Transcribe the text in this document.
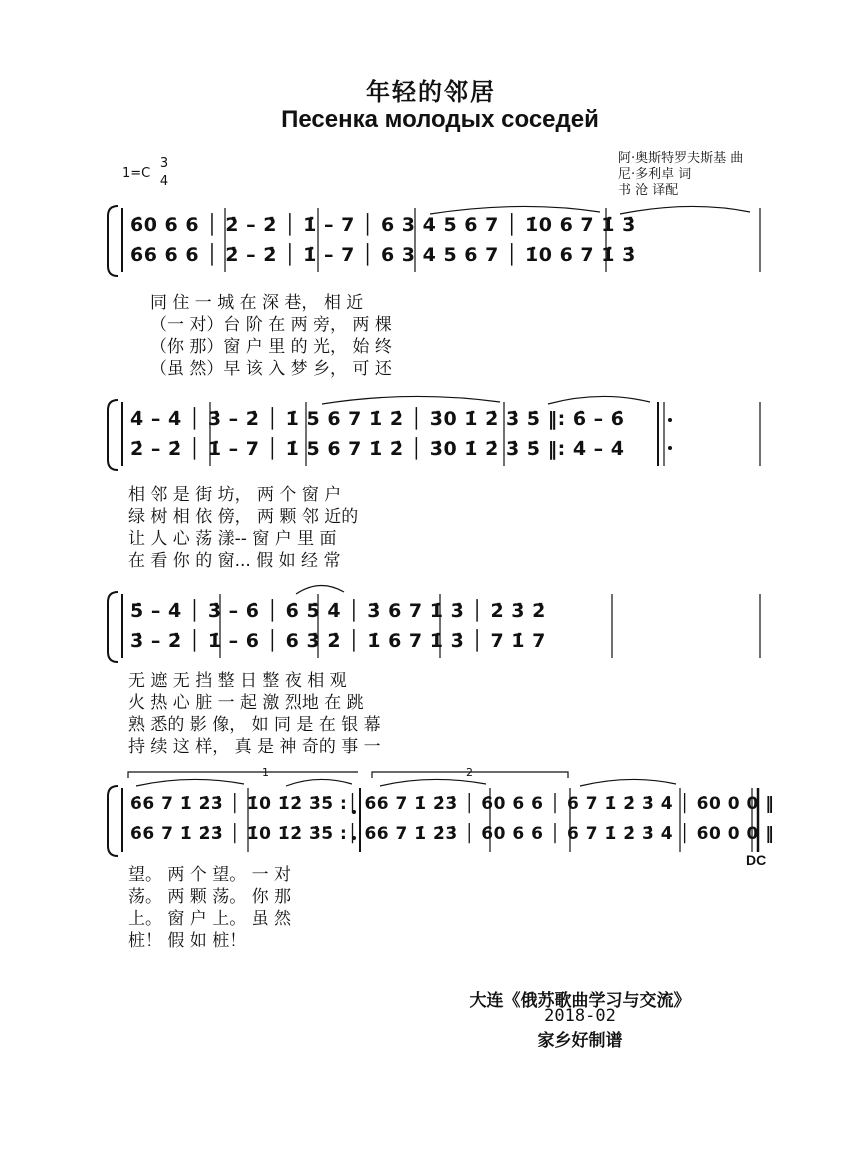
年轻的邻居
Песенка молодых соседей
1=C
3
4
阿·奥斯特罗夫斯基 曲
尼·多利卓 词
书 沧 译配
1	2
6̇0 6 6 │ 2̇ – 2̇ │ 1̇ – 7 │ 6 3 4 5 6 7 │ 1̇0 6 7 1̇ 3̇
6̇6 6 6 │ 2̇ – 2̇ │ 1̇ – 7 │ 6 3 4 5 6 7 │ 1̇0 6 7 1̇ 3̇
同 住 一 城 在 深 巷， 相 近
（一 对）台 阶 在 两 旁， 两 棵
（你 那）窗 户 里 的 光， 始 终
（虽 然）早 该 入 梦 乡， 可 还
4̇ – 4̇ │ 3̇ – 2̇ │ 1̇ 5 6 7 1̇ 2̇ │ 3̇0 1̇ 2̇ 3̇ 5̇ ‖: 6̇ – 6̇
2̇ – 2̇ │ 1̇ – 7 │ 1̇ 5 6 7 1̇ 2̇ │ 3̇0 1̇ 2̇ 3̇ 5̇ ‖: 4̇ – 4̇
相 邻 是 街 坊， 两 个 窗 户
绿 树 相 依 傍， 两 颗 邻 近的
让 人 心 荡 漾-- 窗 户 里 面
在 看 你 的 窗... 假 如 经 常
5̇ – 4̇ │ 3̇ – 6̇ │ 6̇ 5̇ 4̇ │ 3̇ 6 7 1̇ 3̇ │ 2̇ 3̇ 2̇
3̇ – 2̇ │ 1̇ – 6 │ 6 3̇ 2̇ │ 1̇ 6 7 1̇ 3̇ │ 7 1̇ 7
无 遮 无 挡 整 日 整 夜 相 观
火 热 心 脏 一 起 激 烈地 在 跳
熟 悉的 影 像， 如 同 是 在 银 幕
持 续 这 样， 真 是 神 奇的 事 一
6̇6 7 1̇ 2̇3̇ │ 1̇0 1̇2̇ 3̇5̇ :│ 6̇6 7 1̇ 2̇3̇ │ 6̇0 6 6 │ 6 7 1̇ 2̇ 3̇ 4̇ │ 6̇0 0 0 ‖
6̇6 7 1̇ 2̇3̇ │ 1̇0 1̇2̇ 3̇5̇ :│ 6̇6 7 1̇ 2̇3̇ │ 6̇0 6 6 │ 6 7 1̇ 2̇ 3̇ 4̇ │ 6̇0 0 0 ‖
DC
望。 两 个 望。 一 对
荡。 两 颗 荡。 你 那
上。 窗 户 上。 虽 然
桩！ 假 如 桩！
大连《俄苏歌曲学习与交流》
2018-02
家乡好制谱
